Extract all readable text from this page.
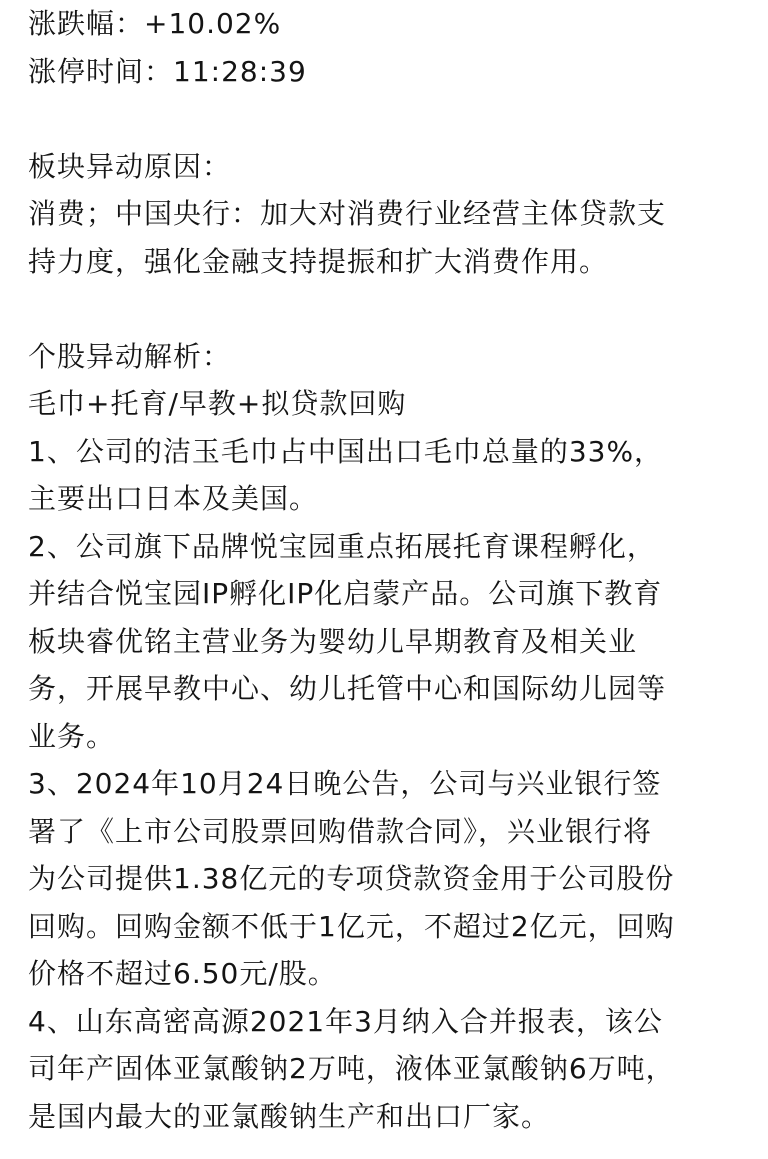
涨跌幅：+10.02%
涨停时间：11:28:39
板块异动原因：
消费；中国央行：加大对消费行业经营主体贷款支
持力度，强化金融支持提振和扩大消费作用。
个股异动解析：
毛巾+托育/早教+拟贷款回购
1、公司的洁玉毛巾占中国出口毛巾总量的33%，
主要出口日本及美国。
2、公司旗下品牌悦宝园重点拓展托育课程孵化，
并结合悦宝园IP孵化IP化启蒙产品。公司旗下教育
板块睿优铭主营业务为婴幼儿早期教育及相关业
务，开展早教中心、幼儿托管中心和国际幼儿园等
业务。
3、2024年10月24日晚公告，公司与兴业银行签
署了《上市公司股票回购借款合同》，兴业银行将
为公司提供1.38亿元的专项贷款资金用于公司股份
回购。回购金额不低于1亿元，不超过2亿元，回购
价格不超过6.50元/股。
4、山东高密高源2021年3月纳入合并报表，该公
司年产固体亚氯酸钠2万吨，液体亚氯酸钠6万吨，
是国内最大的亚氯酸钠生产和出口厂家。
